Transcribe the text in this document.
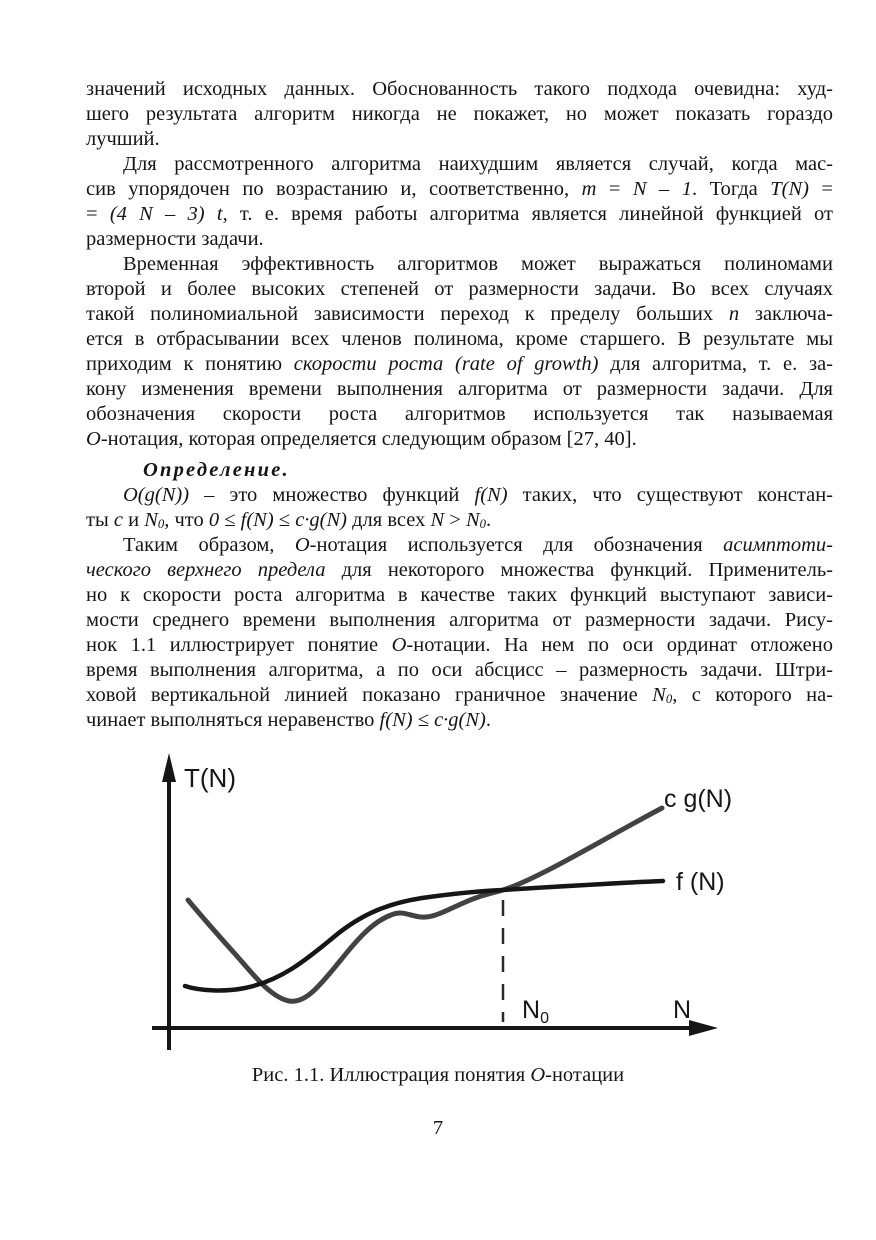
значений исходных данных. Обоснованность такого подхода очевидна: худ-
шего результата алгоритм никогда не покажет, но может показать гораздо
лучший.
Для рассмотренного алгоритма наихудшим является случай, когда мас-
сив упорядочен по возрастанию и, соответственно, m = N – 1. Тогда T(N) =
= (4 N – 3) t, т. е. время работы алгоритма является линейной функцией от
размерности задачи.
Временная эффективность алгоритмов может выражаться полиномами
второй и более высоких степеней от размерности задачи. Во всех случаях
такой полиномиальной зависимости переход к пределу больших n заключа-
ется в отбрасывании всех членов полинома, кроме старшего. В результате мы
приходим к понятию скорости роста (rate of growth) для алгоритма, т. е. за-
кону изменения времени выполнения алгоритма от размерности задачи. Для
обозначения скорости роста алгоритмов используется так называемая
О-нотация, которая определяется следующим образом [27, 40].
Определение.
O(g(N)) – это множество функций f(N) таких, что существуют констан-
ты c и N0, что 0 ≤ f(N) ≤ c·g(N) для всех N > N0.
Таким образом, О-нотация используется для обозначения асимптоти-
ческого верхнего предела для некоторого множества функций. Применитель-
но к скорости роста алгоритма в качестве таких функций выступают зависи-
мости среднего времени выполнения алгоритма от размерности задачи. Рису-
нок 1.1 иллюстрирует понятие О-нотации. На нем по оси ординат отложено
время выполнения алгоритма, а по оси абсцисс – размерность задачи. Штри-
ховой вертикальной линией показано граничное значение N0, с которого на-
чинает выполняться неравенство f(N) ≤ c·g(N).
T(N)
c g(N)
f (N)
N
$N_0$
Рис. 1.1. Иллюстрация понятия О-нотации
7
